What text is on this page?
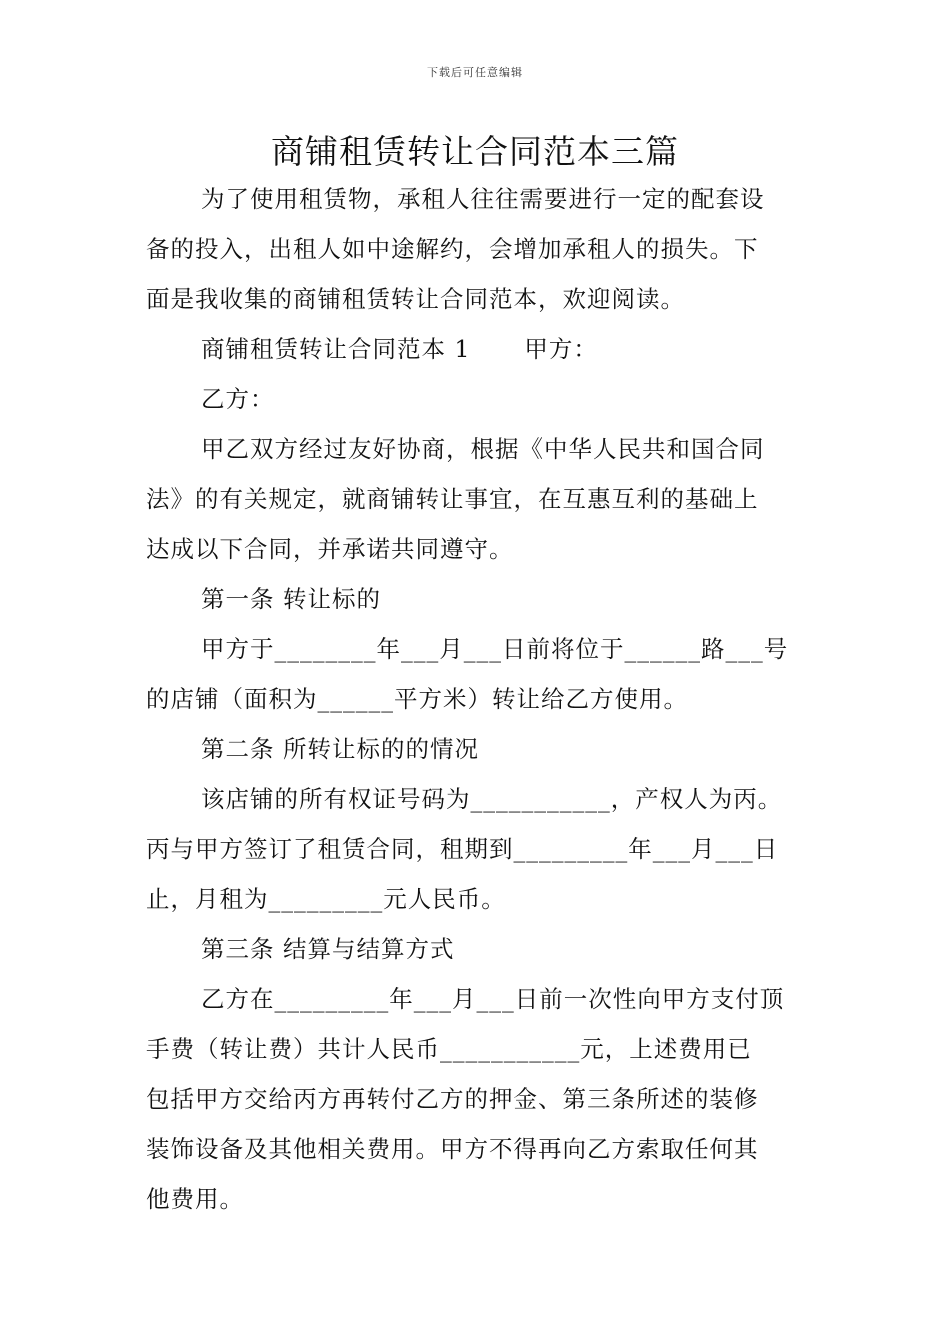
下载后可任意编辑
商铺租赁转让合同范本三篇
为了使用租赁物，承租人往往需要进行一定的配套设
备的投入，出租人如中途解约，会增加承租人的损失。下
面是我收集的商铺租赁转让合同范本，欢迎阅读。
商铺租赁转让合同范本 1 甲方：
乙方：
甲乙双方经过友好协商，根据《中华人民共和国合同
法》的有关规定，就商铺转让事宜，在互惠互利的基础上
达成以下合同，并承诺共同遵守。
第一条 转让标的
甲方于________年___月___日前将位于______路___号
的店铺（面积为______平方米）转让给乙方使用。
第二条 所转让标的的情况
该店铺的所有权证号码为___________，产权人为丙。
丙与甲方签订了租赁合同，租期到_________年___月___日
止，月租为_________元人民币。
第三条 结算与结算方式
乙方在_________年___月___日前一次性向甲方支付顶
手费（转让费）共计人民币___________元，上述费用已
包括甲方交给丙方再转付乙方的押金、第三条所述的装修
装饰设备及其他相关费用。甲方不得再向乙方索取任何其
他费用。
